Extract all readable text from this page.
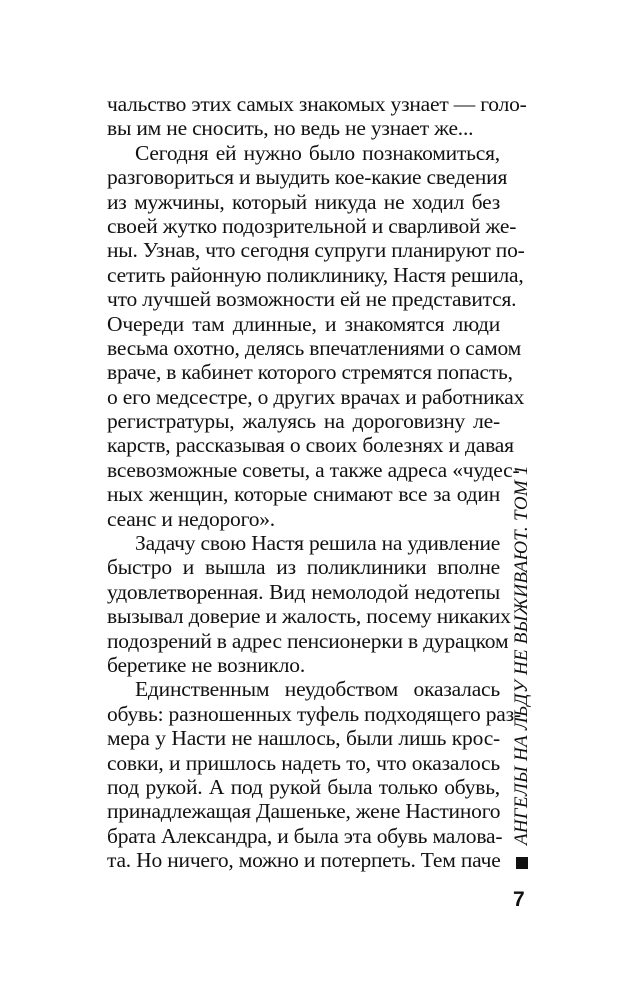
чальство этих самых знакомых узнает — голо-
вы им не сносить, но ведь не узнает же...
Сегодня ей нужно было познакомиться,
разговориться и выудить кое-какие сведения
из мужчины, который никуда не ходил без
своей жутко подозрительной и сварливой же-
ны. Узнав, что сегодня супруги планируют по-
сетить районную поликлинику, Настя решила,
что лучшей возможности ей не представится.
Очереди там длинные, и знакомятся люди
весьма охотно, делясь впечатлениями о самом
враче, в кабинет которого стремятся попасть,
о его медсестре, о других врачах и работниках
регистратуры, жалуясь на дороговизну ле-
карств, рассказывая о своих болезнях и давая
всевозможные советы, а также адреса «чудес-
ных женщин, которые снимают все за один
сеанс и недорого».
Задачу свою Настя решила на удивление
быстро и вышла из поликлиники вполне
удовлетворенная. Вид немолодой недотепы
вызывал доверие и жалость, посему никаких
подозрений в адрес пенсионерки в дурацком
беретике не возникло.
Единственным неудобством оказалась
обувь: разношенных туфель подходящего раз-
мера у Насти не нашлось, были лишь крос-
совки, и пришлось надеть то, что оказалось
под рукой. А под рукой была только обувь,
принадлежащая Дашеньке, жене Настиного
брата Александра, и была эта обувь малова-
та. Но ничего, можно и потерпеть. Тем паче
АНГЕЛЫ НА ЛЬДУ НЕ ВЫЖИВАЮТ. ТОМ 1
7
